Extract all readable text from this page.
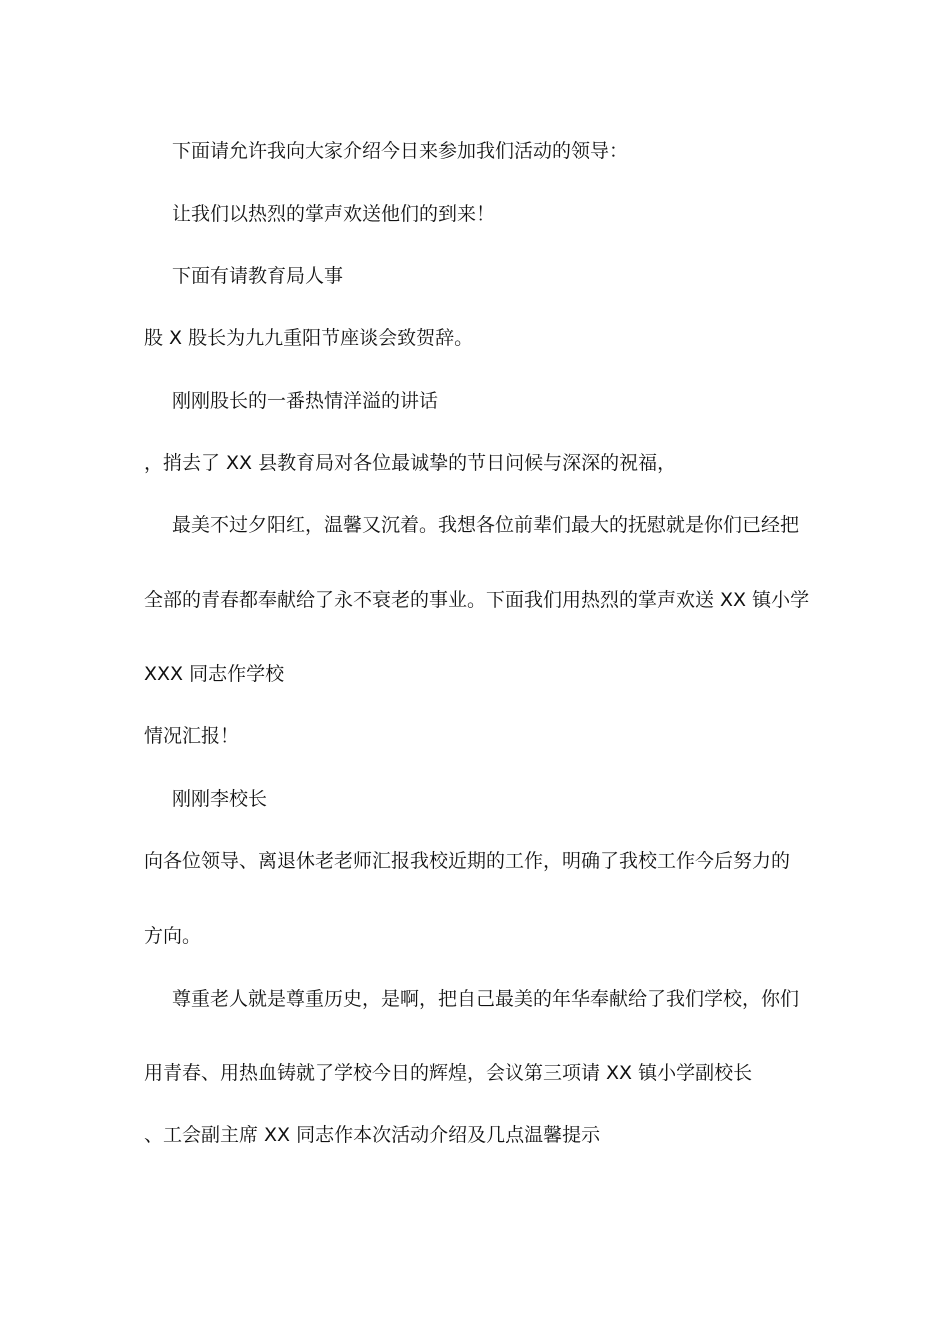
下面请允许我向大家介绍今日来参加我们活动的领导：
让我们以热烈的掌声欢送他们的到来！
下面有请教育局人事
股 X 股长为九九重阳节座谈会致贺辞。
刚刚股长的一番热情洋溢的讲话
，捎去了 XX 县教育局对各位最诚挚的节日问候与深深的祝福，
最美不过夕阳红，温馨又沉着。我想各位前辈们最大的抚慰就是你们已经把
全部的青春都奉献给了永不衰老的事业。下面我们用热烈的掌声欢送 XX 镇小学
XXX 同志作学校
情况汇报！
刚刚李校长
向各位领导、离退休老老师汇报我校近期的工作，明确了我校工作今后努力的
方向。
尊重老人就是尊重历史，是啊，把自己最美的年华奉献给了我们学校，你们
用青春、用热血铸就了学校今日的辉煌，会议第三项请 XX 镇小学副校长
、工会副主席 XX 同志作本次活动介绍及几点温馨提示
